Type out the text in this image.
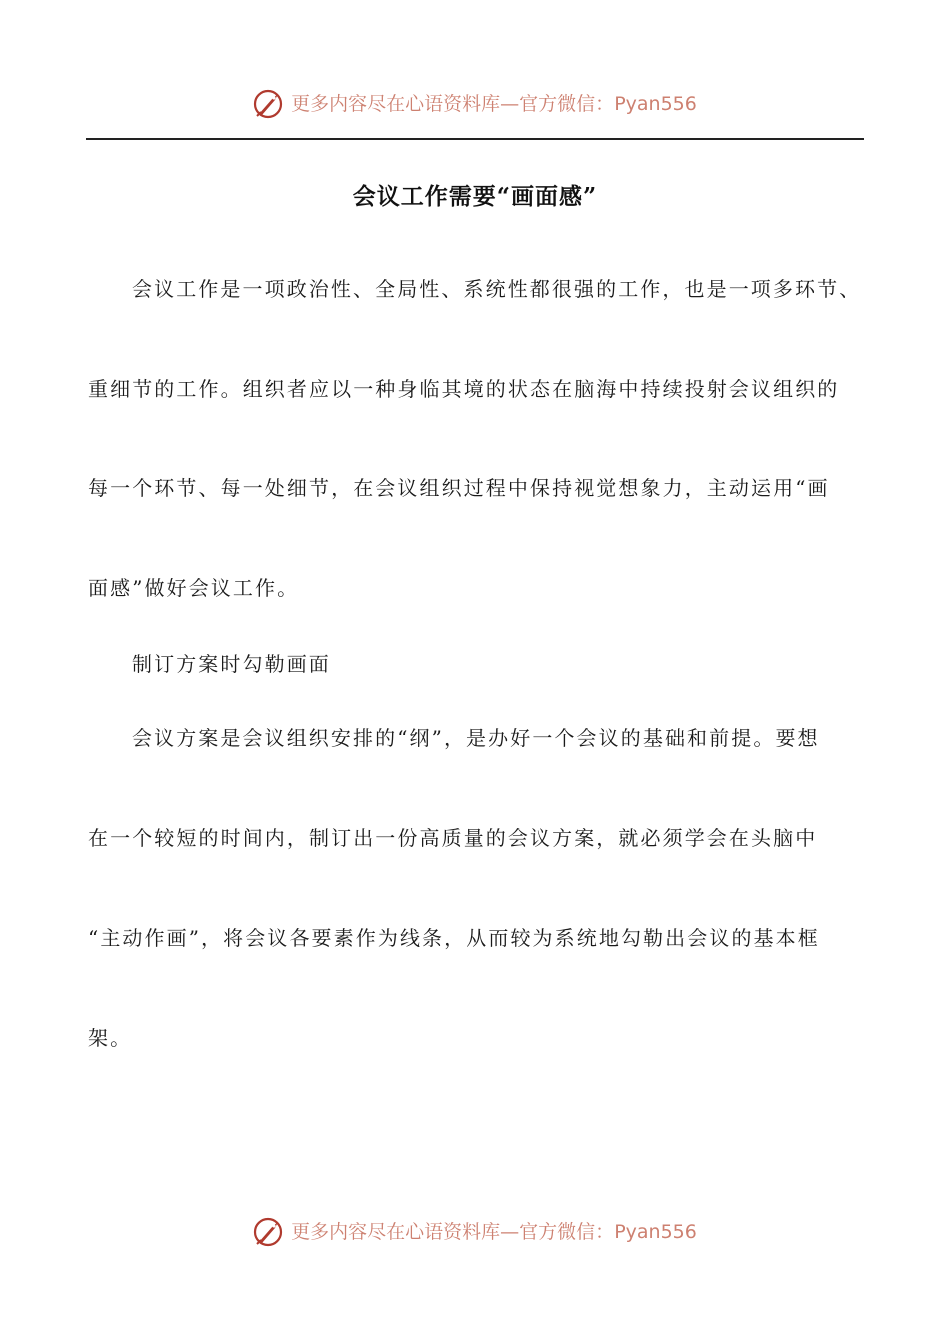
更多内容尽在心语资料库—官方微信：Pyan556
会议工作需要“画面感”
会议工作是一项政治性、全局性、系统性都很强的工作，也是一项多环节、
重细节的工作。组织者应以一种身临其境的状态在脑海中持续投射会议组织的
每一个环节、每一处细节，在会议组织过程中保持视觉想象力，主动运用“画
面感”做好会议工作。
制订方案时勾勒画面
会议方案是会议组织安排的“纲”，是办好一个会议的基础和前提。要想
在一个较短的时间内，制订出一份高质量的会议方案，就必须学会在头脑中
“主动作画”，将会议各要素作为线条，从而较为系统地勾勒出会议的基本框
架。
更多内容尽在心语资料库—官方微信：Pyan556
